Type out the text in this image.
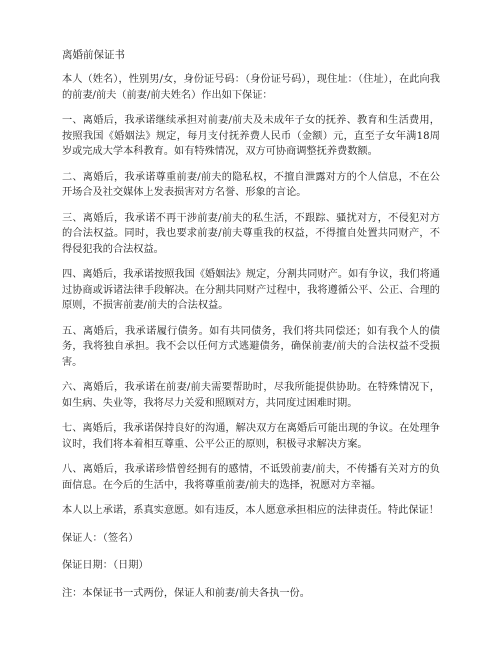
离婚前保证书

本人（姓名），性别男/女，身份证号码：（身份证号码），现住址：（住址），在此向我的前妻/前夫（前妻/前夫姓名）作出如下保证：

一、离婚后，我承诺继续承担对前妻/前夫及未成年子女的抚养、教育和生活费用，按照我国《婚姻法》规定，每月支付抚养费人民币（金额）元，直至子女年满18周岁或完成大学本科教育。如有特殊情况，双方可协商调整抚养费数额。

二、离婚后，我承诺尊重前妻/前夫的隐私权，不擅自泄露对方的个人信息，不在公开场合及社交媒体上发表损害对方名誉、形象的言论。

三、离婚后，我承诺不再干涉前妻/前夫的私生活，不跟踪、骚扰对方，不侵犯对方的合法权益。同时，我也要求前妻/前夫尊重我的权益，不得擅自处置共同财产，不得侵犯我的合法权益。

四、离婚后，我承诺按照我国《婚姻法》规定，分割共同财产。如有争议，我们将通过协商或诉诸法律手段解决。在分割共同财产过程中，我将遵循公平、公正、合理的原则，不损害前妻/前夫的合法权益。

五、离婚后，我承诺履行债务。如有共同债务，我们将共同偿还；如有我个人的债务，我将独自承担。我不会以任何方式逃避债务，确保前妻/前夫的合法权益不受损害。

六、离婚后，我承诺在前妻/前夫需要帮助时，尽我所能提供协助。在特殊情况下，如生病、失业等，我将尽力关爱和照顾对方，共同度过困难时期。

七、离婚后，我承诺保持良好的沟通，解决双方在离婚后可能出现的争议。在处理争议时，我们将本着相互尊重、公平公正的原则，积极寻求解决方案。

八、离婚后，我承诺珍惜曾经拥有的感情，不诋毁前妻/前夫，不传播有关对方的负面信息。在今后的生活中，我将尊重前妻/前夫的选择，祝愿对方幸福。

本人以上承诺，系真实意愿。如有违反，本人愿意承担相应的法律责任。特此保证！

保证人：（签名）

保证日期：（日期）

注：本保证书一式两份，保证人和前妻/前夫各执一份。
